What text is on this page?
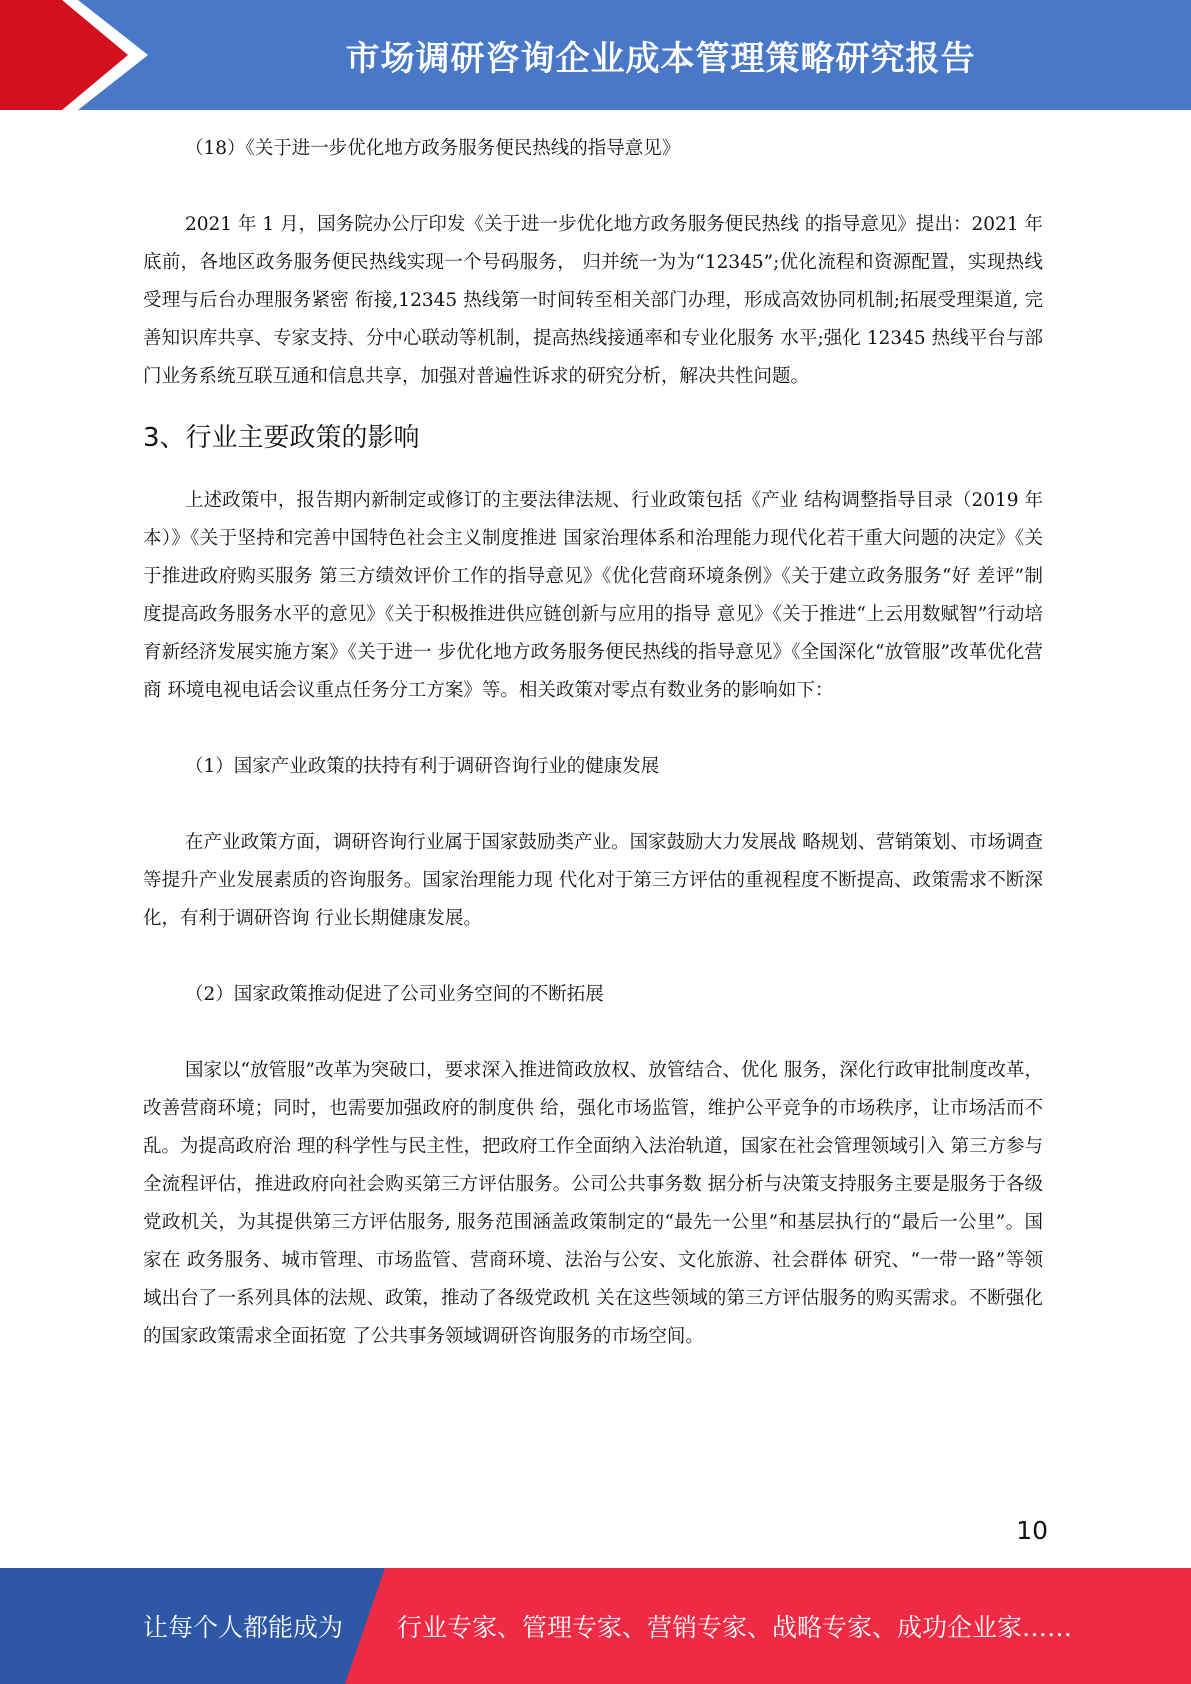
市场调研咨询企业成本管理策略研究报告

（18）《关于进一步优化地方政务服务便民热线的指导意见》

2021 年 1 月，国务院办公厅印发《关于进一步优化地方政务服务便民热线 的指导意见》提出：2021 年底前，各地区政务服务便民热线实现一个号码服务， 归并统一为为“12345”;优化流程和资源配置，实现热线受理与后台办理服务紧密 衔接,12345 热线第一时间转至相关部门办理，形成高效协同机制;拓展受理渠道, 完善知识库共享、专家支持、分中心联动等机制，提高热线接通率和专业化服务 水平;强化 12345 热线平台与部门业务系统互联互通和信息共享，加强对普遍性诉求的研究分析，解决共性问题。

3、行业主要政策的影响

上述政策中，报告期内新制定或修订的主要法律法规、行业政策包括《产业 结构调整指导目录（2019 年本）》《关于坚持和完善中国特色社会主义制度推进 国家治理体系和治理能力现代化若干重大问题的决定》《关于推进政府购买服务 第三方绩效评价工作的指导意见》《优化营商环境条例》《关于建立政务服务“好 差评”制度提高政务服务水平的意见》《关于积极推进供应链创新与应用的指导 意见》《关于推进“上云用数赋智”行动培育新经济发展实施方案》《关于进一 步优化地方政务服务便民热线的指导意见》《全国深化“放管服”改革优化营商 环境电视电话会议重点任务分工方案》等。相关政策对零点有数业务的影响如下：

（1）国家产业政策的扶持有利于调研咨询行业的健康发展

在产业政策方面，调研咨询行业属于国家鼓励类产业。国家鼓励大力发展战 略规划、营销策划、市场调查等提升产业发展素质的咨询服务。国家治理能力现 代化对于第三方评估的重视程度不断提高、政策需求不断深化，有利于调研咨询 行业长期健康发展。

（2）国家政策推动促进了公司业务空间的不断拓展

国家以“放管服”改革为突破口，要求深入推进简政放权、放管结合、优化 服务，深化行政审批制度改革，改善营商环境；同时，也需要加强政府的制度供 给，强化市场监管，维护公平竞争的市场秩序，让市场活而不乱。为提高政府治 理的科学性与民主性，把政府工作全面纳入法治轨道，国家在社会管理领域引入 第三方参与全流程评估，推进政府向社会购买第三方评估服务。公司公共事务数 据分析与决策支持服务主要是服务于各级党政机关，为其提供第三方评估服务, 服务范围涵盖政策制定的“最先一公里”和基层执行的“最后一公里”。国家在 政务服务、城市管理、市场监管、营商环境、法治与公安、文化旅游、社会群体 研究、“一带一路”等领域出台了一系列具体的法规、政策，推动了各级党政机 关在这些领域的第三方评估服务的购买需求。不断强化的国家政策需求全面拓宽 了公共事务领域调研咨询服务的市场空间。

10
让每个人都能成为 行业专家、管理专家、营销专家、战略专家、成功企业家……
